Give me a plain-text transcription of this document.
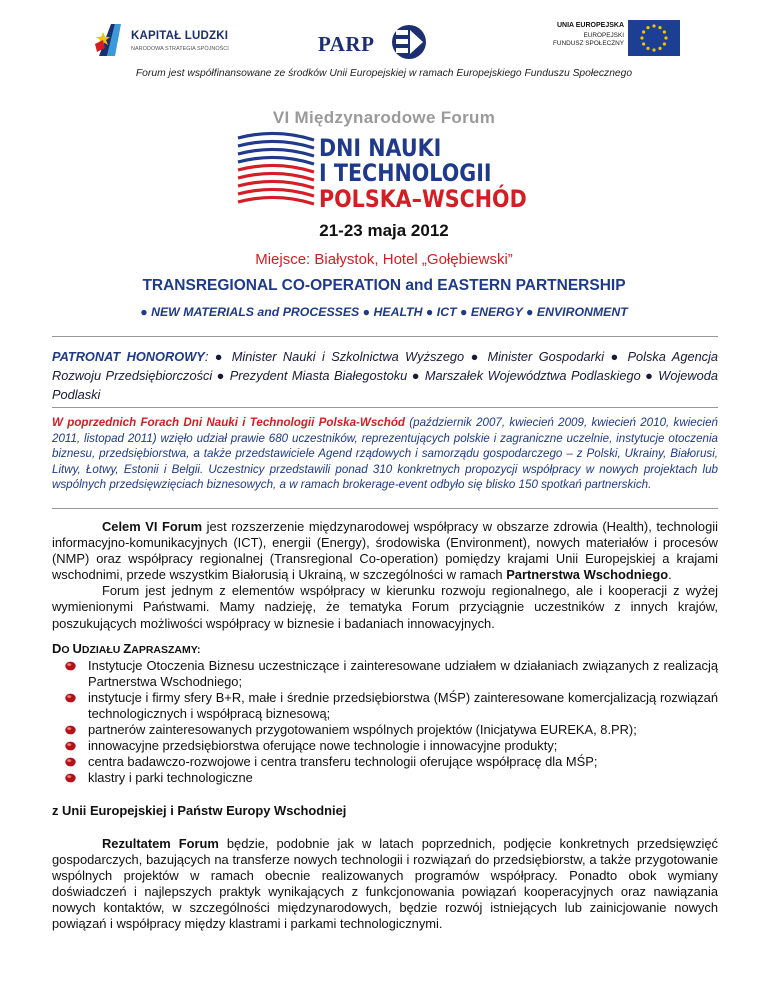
KAPITAŁ LUDZKI
NARODOWA STRATEGIA SPÓJNOŚCI	PARP
UNIA EUROPEJSKA
EUROPEJSKI
FUNDUSZ SPOŁECZNY
Forum jest współfinansowane ze środków Unii Europejskiej w ramach Europejskiego Funduszu Społecznego
VI Międzynarodowe Forum
DNI NAUKI
I TECHNOLOGII
POLSKA–WSCHÓD
21-23 maja 2012
Miejsce: Białystok, Hotel „Gołębiewski”
TRANSREGIONAL CO-OPERATION and EASTERN PARTNERSHIP
● NEW MATERIALS and PROCESSES ● HEALTH ● ICT ● ENERGY ● ENVIRONMENT
PATRONAT HONOROWY: ● Minister Nauki i Szkolnictwa Wyższego ● Minister Gospodarki ● Polska Agencja Rozwoju Przedsiębiorczości ● Prezydent Miasta Białegostoku ● Marszałek Województwa Podlaskiego ● Wojewoda Podlaski
W poprzednich Forach Dni Nauki i Technologii Polska-Wschód (październik 2007, kwiecień 2009, kwiecień 2010, kwiecień 2011, listopad 2011) wzięło udział prawie 680 uczestników, reprezentujących polskie i zagraniczne uczelnie, instytucje otoczenia biznesu, przedsiębiorstwa, a także przedstawiciele Agend rządowych i samorządu gospodarczego – z Polski, Ukrainy, Białorusi, Litwy, Łotwy, Estonii i Belgii. Uczestnicy przedstawili ponad 310 konkretnych propozycji współpracy w nowych projektach lub wspólnych przedsięwzięciach biznesowych, a w ramach brokerage-event odbyło się blisko 150 spotkań partnerskich.

Celem VI Forum jest rozszerzenie międzynarodowej współpracy w obszarze zdrowia (Health), technologii informacyjno-komunikacyjnych (ICT), energii (Energy), środowiska (Environment), nowych materiałów i procesów (NMP) oraz współpracy regionalnej (Transregional Co-operation) pomiędzy krajami Unii Europejskiej a krajami wschodnimi, przede wszystkim Białorusią i Ukrainą, w szczególności w ramach Partnerstwa Wschodniego.

Forum jest jednym z elementów współpracy w kierunku rozwoju regionalnego, ale i kooperacji z wyżej wymienionymi Państwami. Mamy nadzieję, że tematyka Forum przyciągnie uczestników z innych krajów, poszukujących możliwości współpracy w biznesie i badaniach innowacyjnych.

DO UDZIAŁU ZAPRASZAMY:
Instytucje Otoczenia Biznesu uczestniczące i zainteresowane udziałem w działaniach związanych z realizacją Partnerstwa Wschodniego;
instytucje i firmy sfery B+R, małe i średnie przedsiębiorstwa (MŚP) zainteresowane komercjalizacją rozwiązań technologicznych i współpracą biznesową;
partnerów zainteresowanych przygotowaniem wspólnych projektów (Inicjatywa EUREKA, 8.PR);
innowacyjne przedsiębiorstwa oferujące nowe technologie i innowacyjne produkty;
centra badawczo-rozwojowe i centra transferu technologii oferujące współpracę dla MŚP;
klastry i parki technologiczne
z Unii Europejskiej i Państw Europy Wschodniej

Rezultatem Forum będzie, podobnie jak w latach poprzednich, podjęcie konkretnych przedsięwzięć gospodarczych, bazujących na transferze nowych technologii i rozwiązań do przedsiębiorstw, a także przygotowanie wspólnych projektów w ramach obecnie realizowanych programów współpracy. Ponadto obok wymiany doświadczeń i najlepszych praktyk wynikających z funkcjonowania powiązań kooperacyjnych oraz nawiązania nowych kontaktów, w szczególności międzynarodowych, będzie rozwój istniejących lub zainicjowanie nowych powiązań i współpracy między klastrami i parkami technologicznymi.
